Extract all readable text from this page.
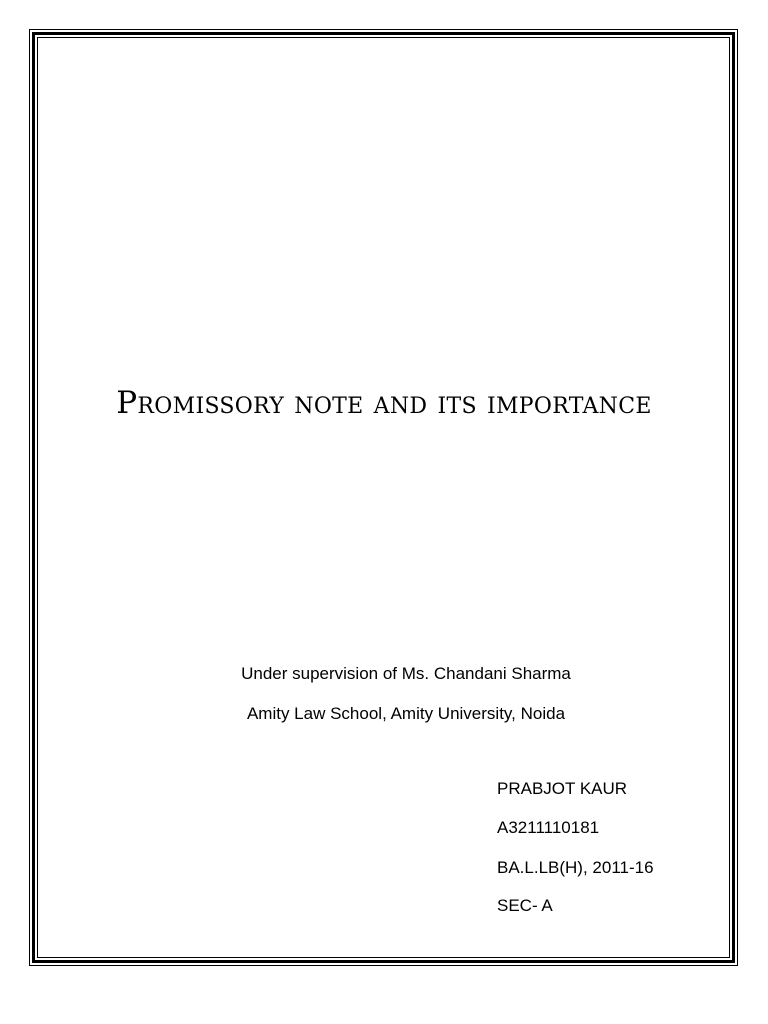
Promissory note and its importance
Under supervision of Ms. Chandani Sharma
Amity Law School, Amity University, Noida
PRABJOT KAUR
A3211110181
BA.L.LB(H), 2011-16
SEC- A
